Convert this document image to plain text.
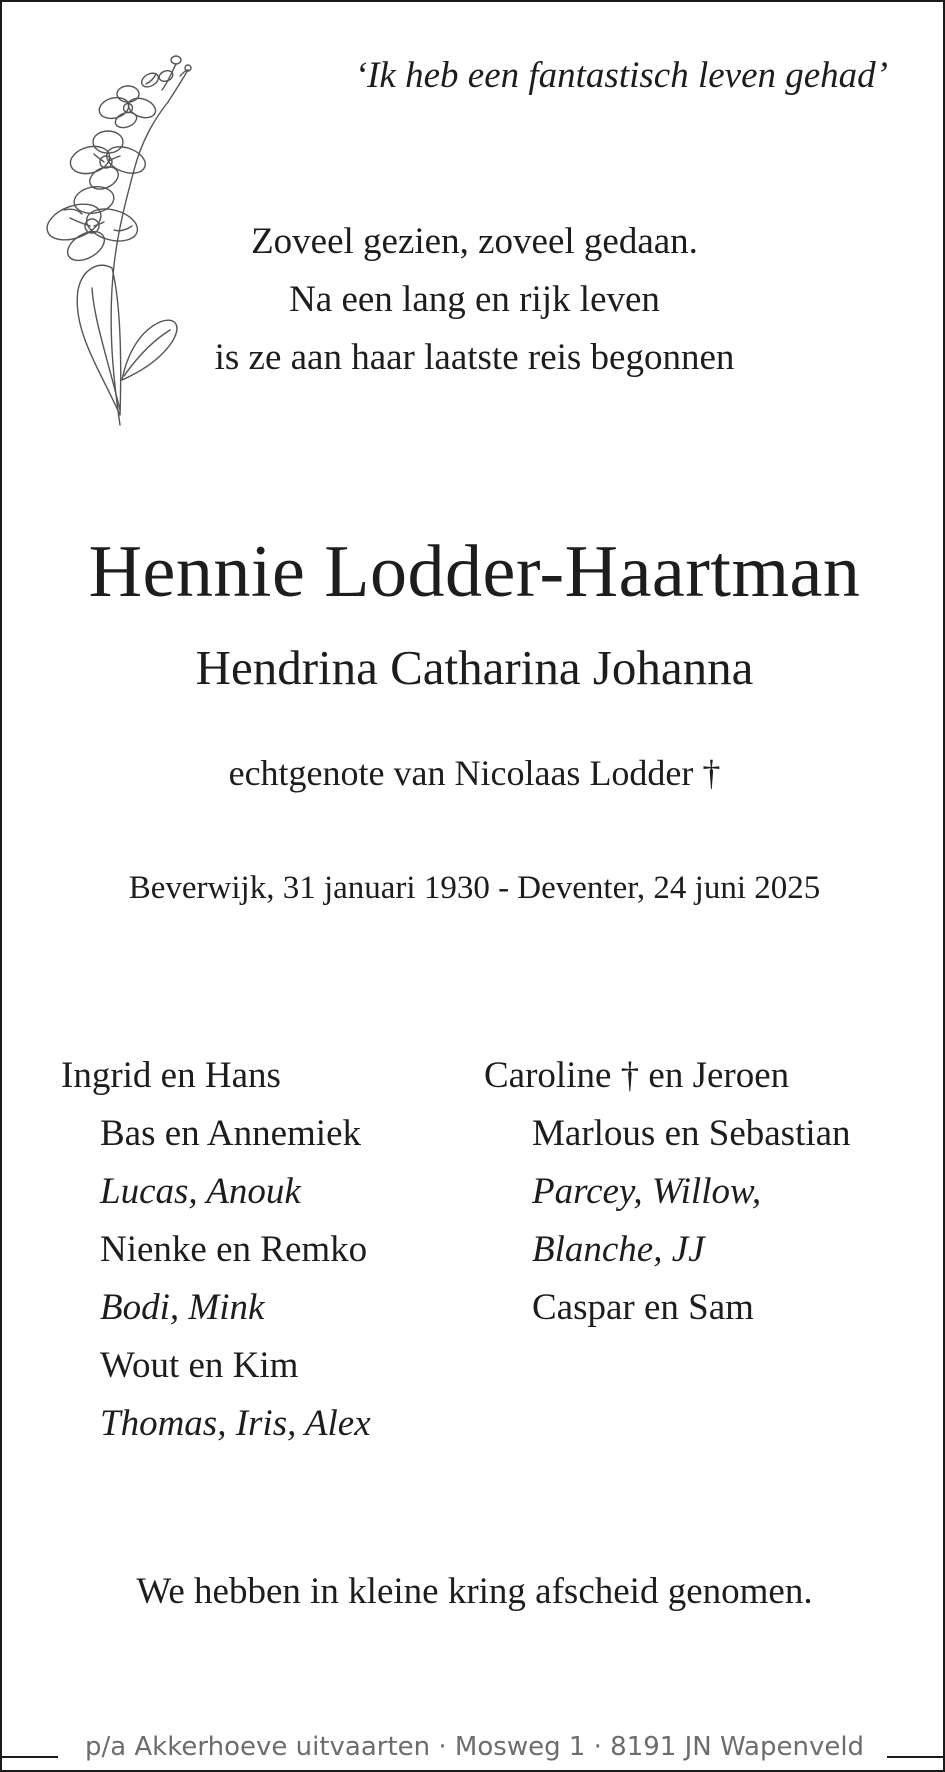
‘Ik heb een fantastisch leven gehad’
Zoveel gezien, zoveel gedaan.
Na een lang en rijk leven
is ze aan haar laatste reis begonnen
Hennie Lodder-Haartman
Hendrina Catharina Johanna
echtgenote van Nicolaas Lodder †
Beverwijk, 31 januari 1930 - Deventer, 24 juni 2025
Ingrid en Hans
Bas en Annemiek
Lucas, Anouk
Nienke en Remko
Bodi, Mink
Wout en Kim
Thomas, Iris, Alex
Caroline † en Jeroen
Marlous en Sebastian
Parcey, Willow,
Blanche, JJ
Caspar en Sam
We hebben in kleine kring afscheid genomen.
p/a Akkerhoeve uitvaarten · Mosweg 1 · 8191 JN Wapenveld
